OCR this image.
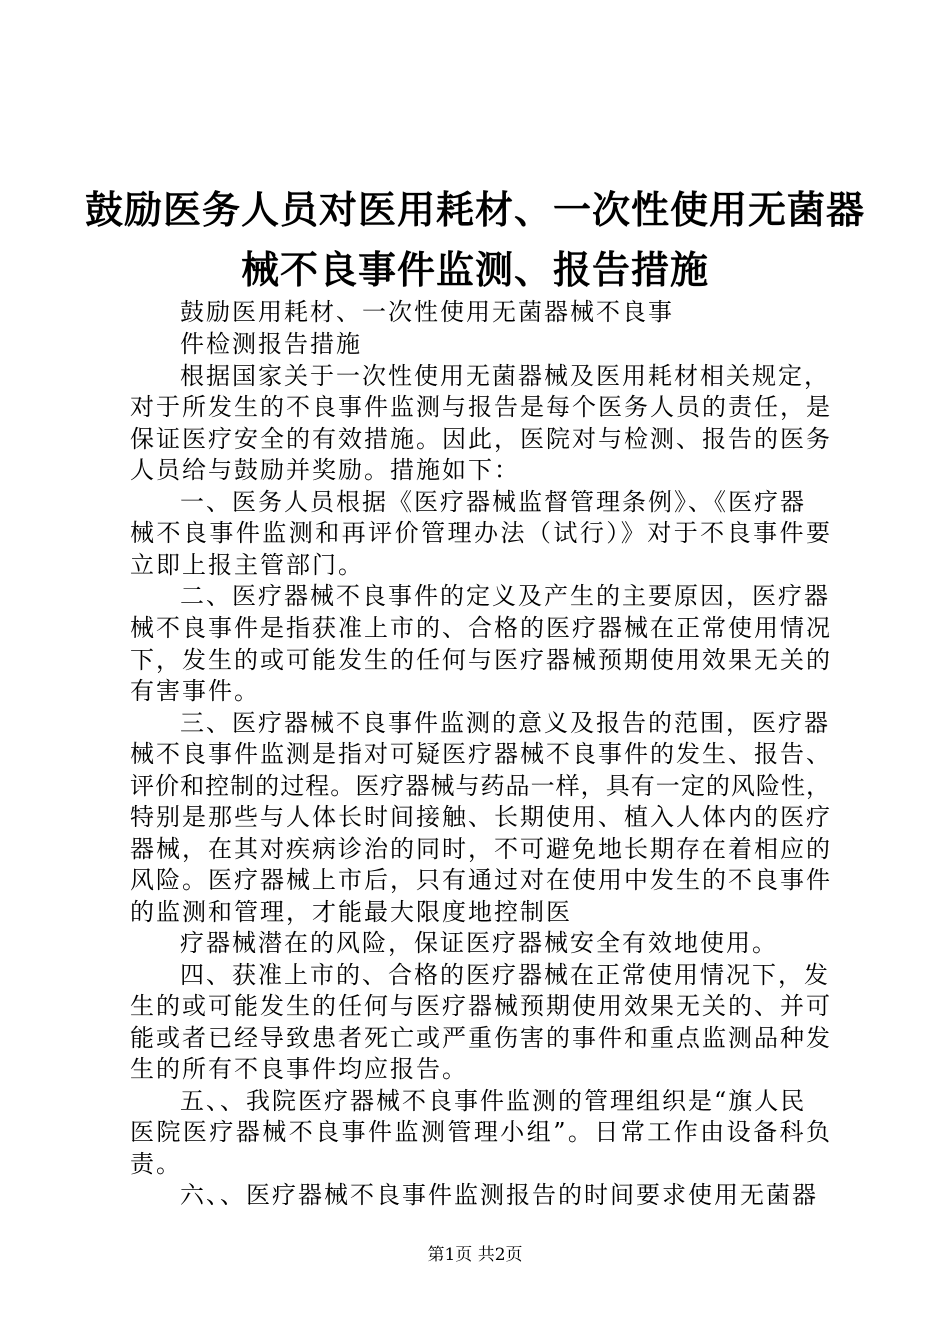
鼓励医务人员对医用耗材、一次性使用无菌器
械不良事件监测、报告措施
鼓励医用耗材、一次性使用无菌器械不良事
件检测报告措施
根据国家关于一次性使用无菌器械及医用耗材相关规定，
对于所发生的不良事件监测与报告是每个医务人员的责任，是
保证医疗安全的有效措施。因此，医院对与检测、报告的医务
人员给与鼓励并奖励。措施如下：
一、医务人员根据《医疗器械监督管理条例》、《医疗器
械不良事件监测和再评价管理办法（试行）》对于不良事件要
立即上报主管部门。
二、医疗器械不良事件的定义及产生的主要原因，医疗器
械不良事件是指获准上市的、合格的医疗器械在正常使用情况
下，发生的或可能发生的任何与医疗器械预期使用效果无关的
有害事件。
三、医疗器械不良事件监测的意义及报告的范围，医疗器
械不良事件监测是指对可疑医疗器械不良事件的发生、报告、
评价和控制的过程。医疗器械与药品一样，具有一定的风险性，
特别是那些与人体长时间接触、长期使用、植入人体内的医疗
器械，在其对疾病诊治的同时，不可避免地长期存在着相应的
风险。医疗器械上市后，只有通过对在使用中发生的不良事件
的监测和管理，才能最大限度地控制医
疗器械潜在的风险，保证医疗器械安全有效地使用。
四、获准上市的、合格的医疗器械在正常使用情况下，发
生的或可能发生的任何与医疗器械预期使用效果无关的、并可
能或者已经导致患者死亡或严重伤害的事件和重点监测品种发
生的所有不良事件均应报告。
五、、我院医疗器械不良事件监测的管理组织是“旗人民
医院医疗器械不良事件监测管理小组”。日常工作由设备科负
责。
六、、医疗器械不良事件监测报告的时间要求使用无菌器
第1页 共2页
